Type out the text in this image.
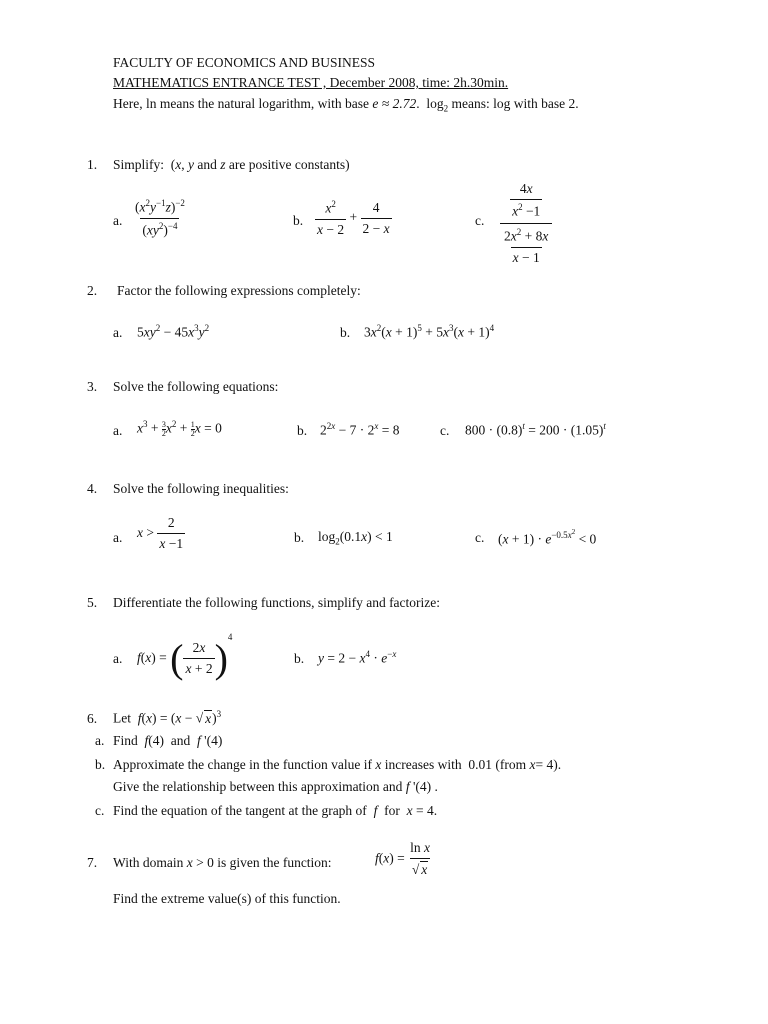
FACULTY OF ECONOMICS AND BUSINESS
MATHEMATICS ENTRANCE TEST , December 2008, time: 2h.30min.
Here, ln means the natural logarithm, with base e ≈ 2.72.  $\log_2$ means: log with base 2.
1. Simplify:  (x, y and z are positive constants)
a. $\frac{(x^2y^{-1}z)^{-2}}{(xy^2)^{-4}}$	b. $\frac{x^2}{x - 2} + \frac{4}{2 - x}$	c. $\frac{\frac{4x}{x^2 -1}}{\frac{2x^2 + 8x}{x - 1}}$
2. Factor the following expressions completely:
a. $5xy^2 - 45x^3y^2$	b. $3x^2(x + 1)^5 + 5x^3(x + 1)^4$
3. Solve the following equations:
a. $x^3 + \frac{3}{2} x^2 + \frac{1}{2}$ x = 0	b. $2^{2x} - 7 \cdot 2^x = 8$	c. $800 \cdot (0.8)^t = 200 \cdot (1.05)^t$
4. Solve the following inequalities:
a. $x > \frac{2}{x -1}$	b. $\log_2(0.1x) < 1$	c. $(x + 1) \cdot e^{-0.5x^2} < 0$
5. Differentiate the following functions, simplify and factorize:
a. f(x) = ( $\frac{2x}{x + 2} )^4$
b. $y = 2 - x^4 \cdot e^{-x}$
6. Let f(x) = (x − √ x)$^3$
a. Find f(4)  and  f '(4)
b. Approximate the change in the function value if x increases with 0.01 (from x= 4).
Give the relationship between this approximation and f '(4) .
c. Find the equation of the tangent at the graph of f for x = 4.
7. With domain x > 0 is given the function:	$f(x) = \frac{\text{ln x}}{√ x}$
Find the extreme value(s) of this function.
